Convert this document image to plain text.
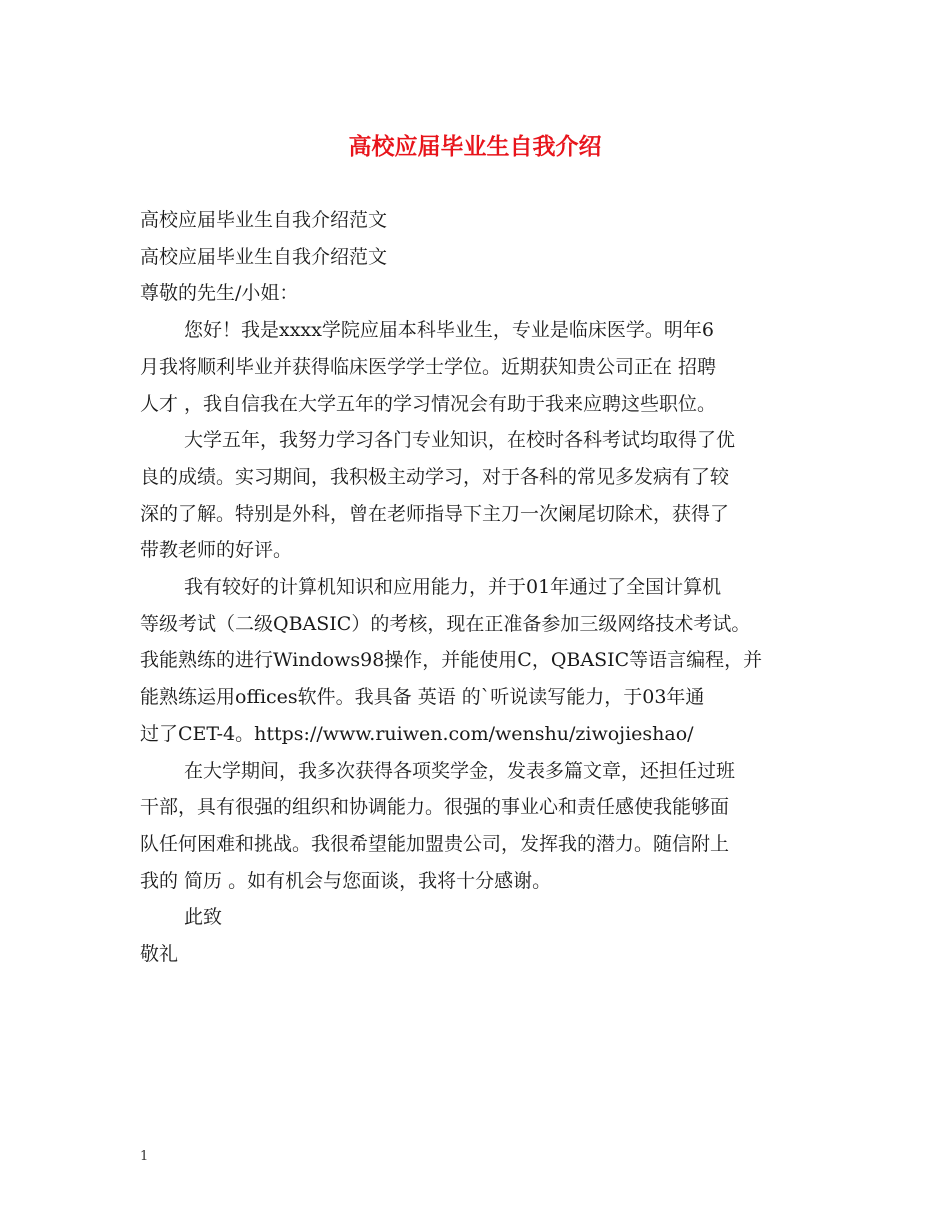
高校应届毕业生自我介绍

高校应届毕业生自我介绍范文

高校应届毕业生自我介绍范文

尊敬的先生/小姐：

您好！我是xxxx学院应届本科毕业生，专业是临床医学。明年6

月我将顺利毕业并获得临床医学学士学位。近期获知贵公司正在 招聘

人才 ，我自信我在大学五年的学习情况会有助于我来应聘这些职位。

大学五年，我努力学习各门专业知识，在校时各科考试均取得了优

良的成绩。实习期间，我积极主动学习，对于各科的常见多发病有了较

深的了解。特别是外科，曾在老师指导下主刀一次阑尾切除术，获得了

带教老师的好评。

我有较好的计算机知识和应用能力，并于01年通过了全国计算机

等级考试（二级QBASIC）的考核，现在正准备参加三级网络技术考试。

我能熟练的进行Windows98操作，并能使用C，QBASIC等语言编程，并

能熟练运用offices软件。我具备 英语 的`听说读写能力，于03年通

过了CET-4。https://www.ruiwen.com/wenshu/ziwojieshao/

在大学期间，我多次获得各项奖学金，发表多篇文章，还担任过班

干部，具有很强的组织和协调能力。很强的事业心和责任感使我能够面

队任何困难和挑战。我很希望能加盟贵公司，发挥我的潜力。随信附上

我的 简历 。如有机会与您面谈，我将十分感谢。

此致

敬礼

1
